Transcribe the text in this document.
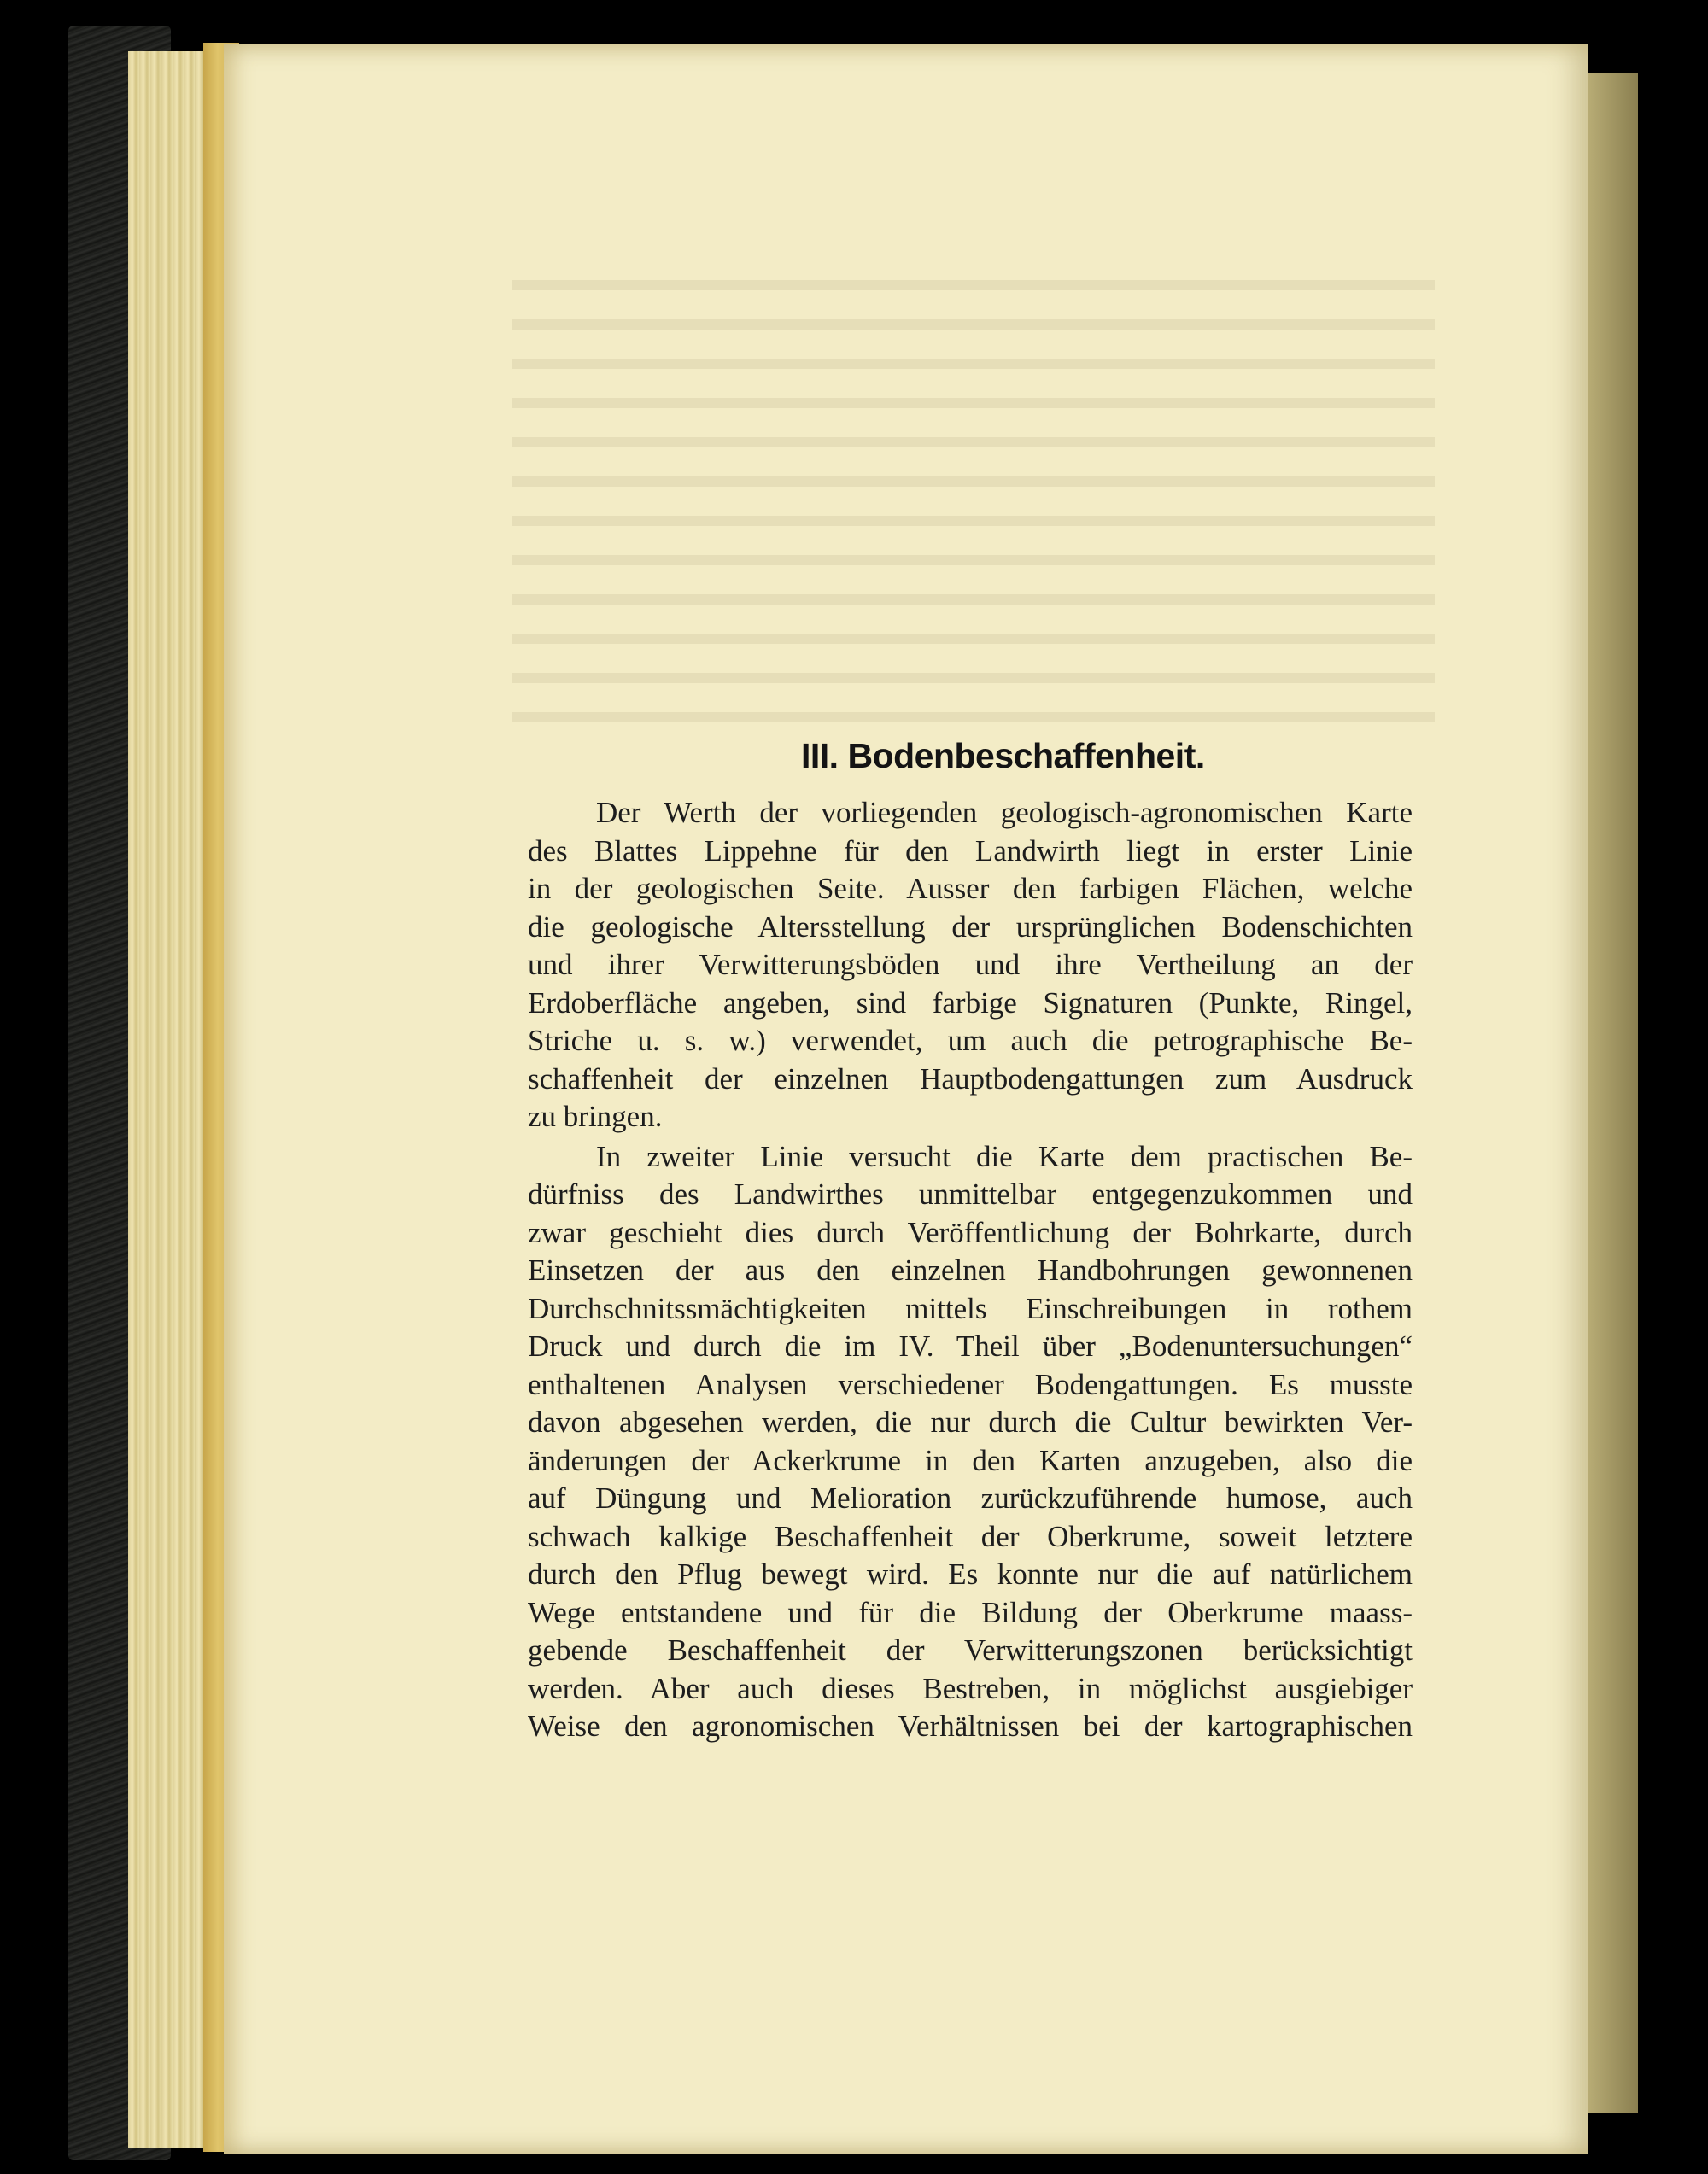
III. Bodenbeschaffenheit.
Der Werth der vorliegenden geologisch-agronomischen Karte
des Blattes Lippehne für den Landwirth liegt in erster Linie
in der geologischen Seite. Ausser den farbigen Flächen, welche
die geologische Altersstellung der ursprünglichen Bodenschichten
und ihrer Verwitterungsböden und ihre Vertheilung an der
Erdoberfläche angeben, sind farbige Signaturen (Punkte, Ringel,
Striche u. s. w.) verwendet, um auch die petrographische Be-
schaffenheit der einzelnen Hauptbodengattungen zum Ausdruck
zu bringen.
In zweiter Linie versucht die Karte dem practischen Be-
dürfniss des Landwirthes unmittelbar entgegenzukommen und
zwar geschieht dies durch Veröffentlichung der Bohrkarte, durch
Einsetzen der aus den einzelnen Handbohrungen gewonnenen
Durchschnitssmächtigkeiten mittels Einschreibungen in rothem
Druck und durch die im IV. Theil über „Bodenuntersuchungen“
enthaltenen Analysen verschiedener Bodengattungen. Es musste
davon abgesehen werden, die nur durch die Cultur bewirkten Ver-
änderungen der Ackerkrume in den Karten anzugeben, also die
auf Düngung und Melioration zurückzuführende humose, auch
schwach kalkige Beschaffenheit der Oberkrume, soweit letztere
durch den Pflug bewegt wird. Es konnte nur die auf natürlichem
Wege entstandene und für die Bildung der Oberkrume maass-
gebende Beschaffenheit der Verwitterungszonen berücksichtigt
werden. Aber auch dieses Bestreben, in möglichst ausgiebiger
Weise den agronomischen Verhältnissen bei der kartographischen
